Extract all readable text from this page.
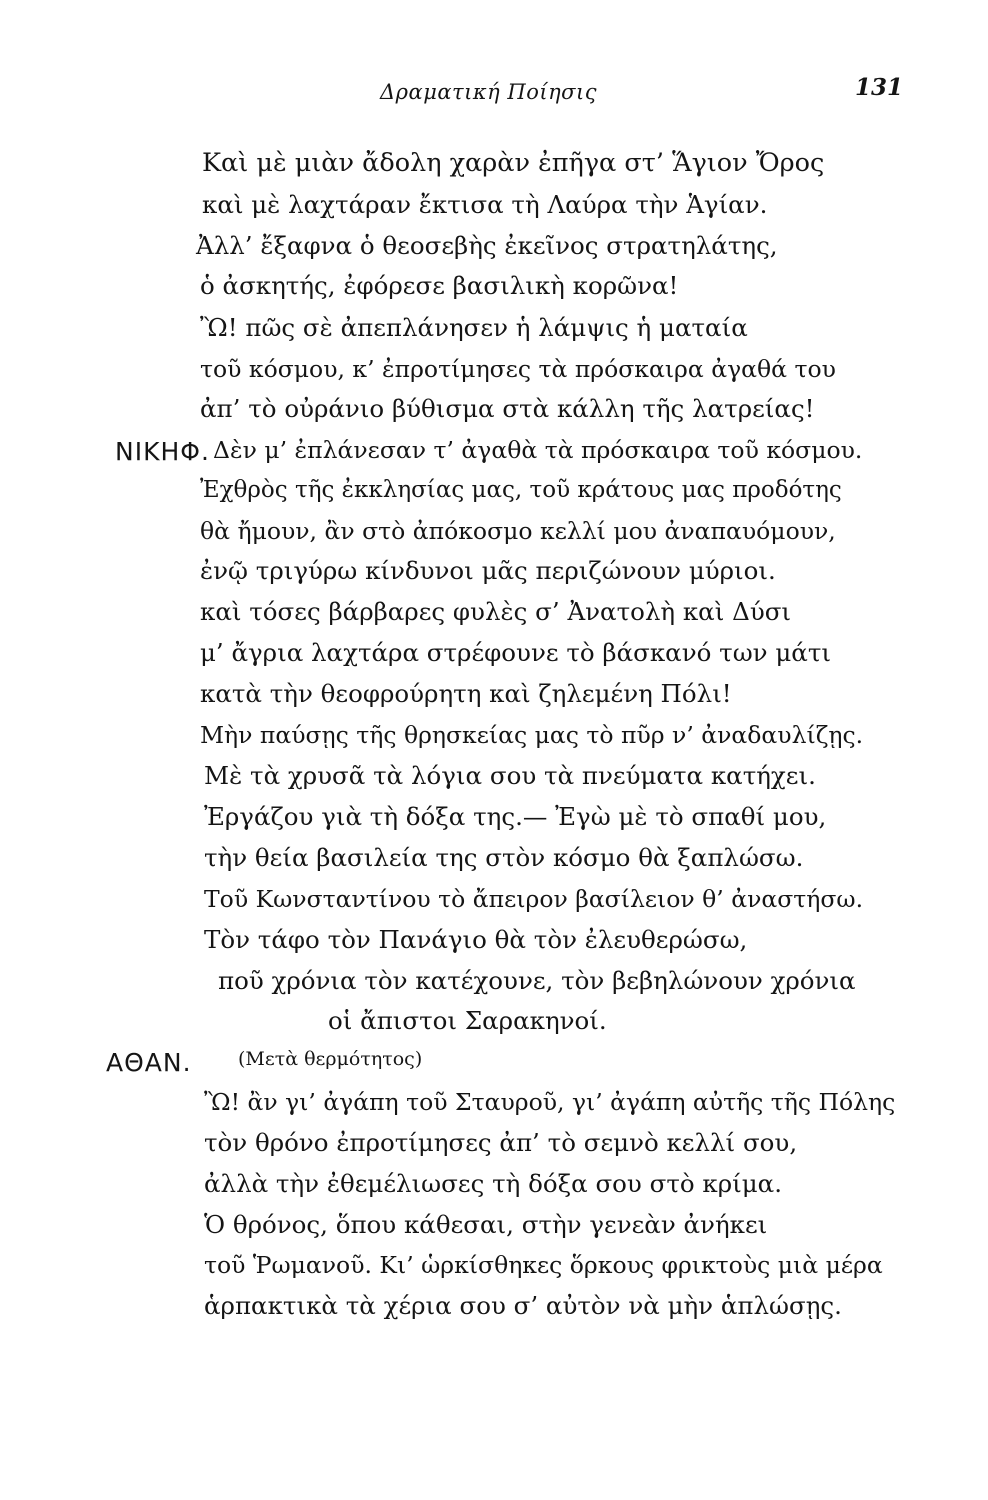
Δραματική Ποίησις	131
Καὶ μὲ μιὰν ἄδολη χαρὰν ἐπῆγα στ’ Ἅγιον Ὄρος
καὶ μὲ λαχτάραν ἔκτισα τὴ Λαύρα τὴν Ἁγίαν.
Ἀλλ’ ἔξαφνα ὁ θεοσεβὴς ἐκεῖνος στρατηλάτης,
ὁ ἀσκητής, ἐφόρεσε βασιλικὴ κορῶνα!
Ὢ! πῶς σὲ ἀπεπλάνησεν ἡ λάμψις ἡ ματαία
τοῦ κόσμου, κ’ ἐπροτίμησες τὰ πρόσκαιρα ἀγαθά του
ἀπ’ τὸ οὐράνιο βύθισμα στὰ κάλλη τῆς λατρείας!
ΝΙΚΗΦ. Δὲν μ’ ἐπλάνεσαν τ’ ἀγαθὰ τὰ πρόσκαιρα τοῦ κόσμου.
Ἐχθρὸς τῆς ἐκκλησίας μας, τοῦ κράτους μας προδότης
θὰ ἤμουν, ἂν στὸ ἀπόκοσμο κελλί μου ἀναπαυόμουν,
ἐνῷ τριγύρω κίνδυνοι μᾶς περιζώνουν μύριοι.
καὶ τόσες βάρβαρες φυλὲς σ’ Ἀνατολὴ καὶ Δύσι
μ’ ἄγρια λαχτάρα στρέφουνε τὸ βάσκανό των μάτι
κατὰ τὴν θεοφρούρητη καὶ ζηλεμένη Πόλι!
Μὴν παύσῃς τῆς θρησκείας μας τὸ πῦρ ν’ ἀναδαυλίζῃς.
Μὲ τὰ χρυσᾶ τὰ λόγια σου τὰ πνεύματα κατήχει.
Ἐργάζου γιὰ τὴ δόξα της.— Ἐγὼ μὲ τὸ σπαθί μου,
τὴν θεία βασιλεία της στὸν κόσμο θὰ ξαπλώσω.
Τοῦ Κωνσταντίνου τὸ ἄπειρον βασίλειον θ’ ἀναστήσω.
Τὸν τάφο τὸν Πανάγιο θὰ τὸν ἐλευθερώσω,
ποῦ χρόνια τὸν κατέχουνε, τὸν βεβηλώνουν χρόνια
οἱ ἄπιστοι Σαρακηνοί.
ΑΘΑΝ. (Μετὰ θερμότητος)
Ὢ! ἂν γι’ ἀγάπη τοῦ Σταυροῦ, γι’ ἀγάπη αὐτῆς τῆς Πόλης
τὸν θρόνο ἐπροτίμησες ἀπ’ τὸ σεμνὸ κελλί σου,
ἀλλὰ τὴν ἐθεμέλιωσες τὴ δόξα σου στὸ κρίμα.
Ὁ θρόνος, ὅπου κάθεσαι, στὴν γενεὰν ἀνήκει
τοῦ Ῥωμανοῦ. Κι’ ὡρκίσθηκες ὅρκους φρικτοὺς μιὰ μέρα
ἁρπακτικὰ τὰ χέρια σου σ’ αὐτὸν νὰ μὴν ἁπλώσῃς.
